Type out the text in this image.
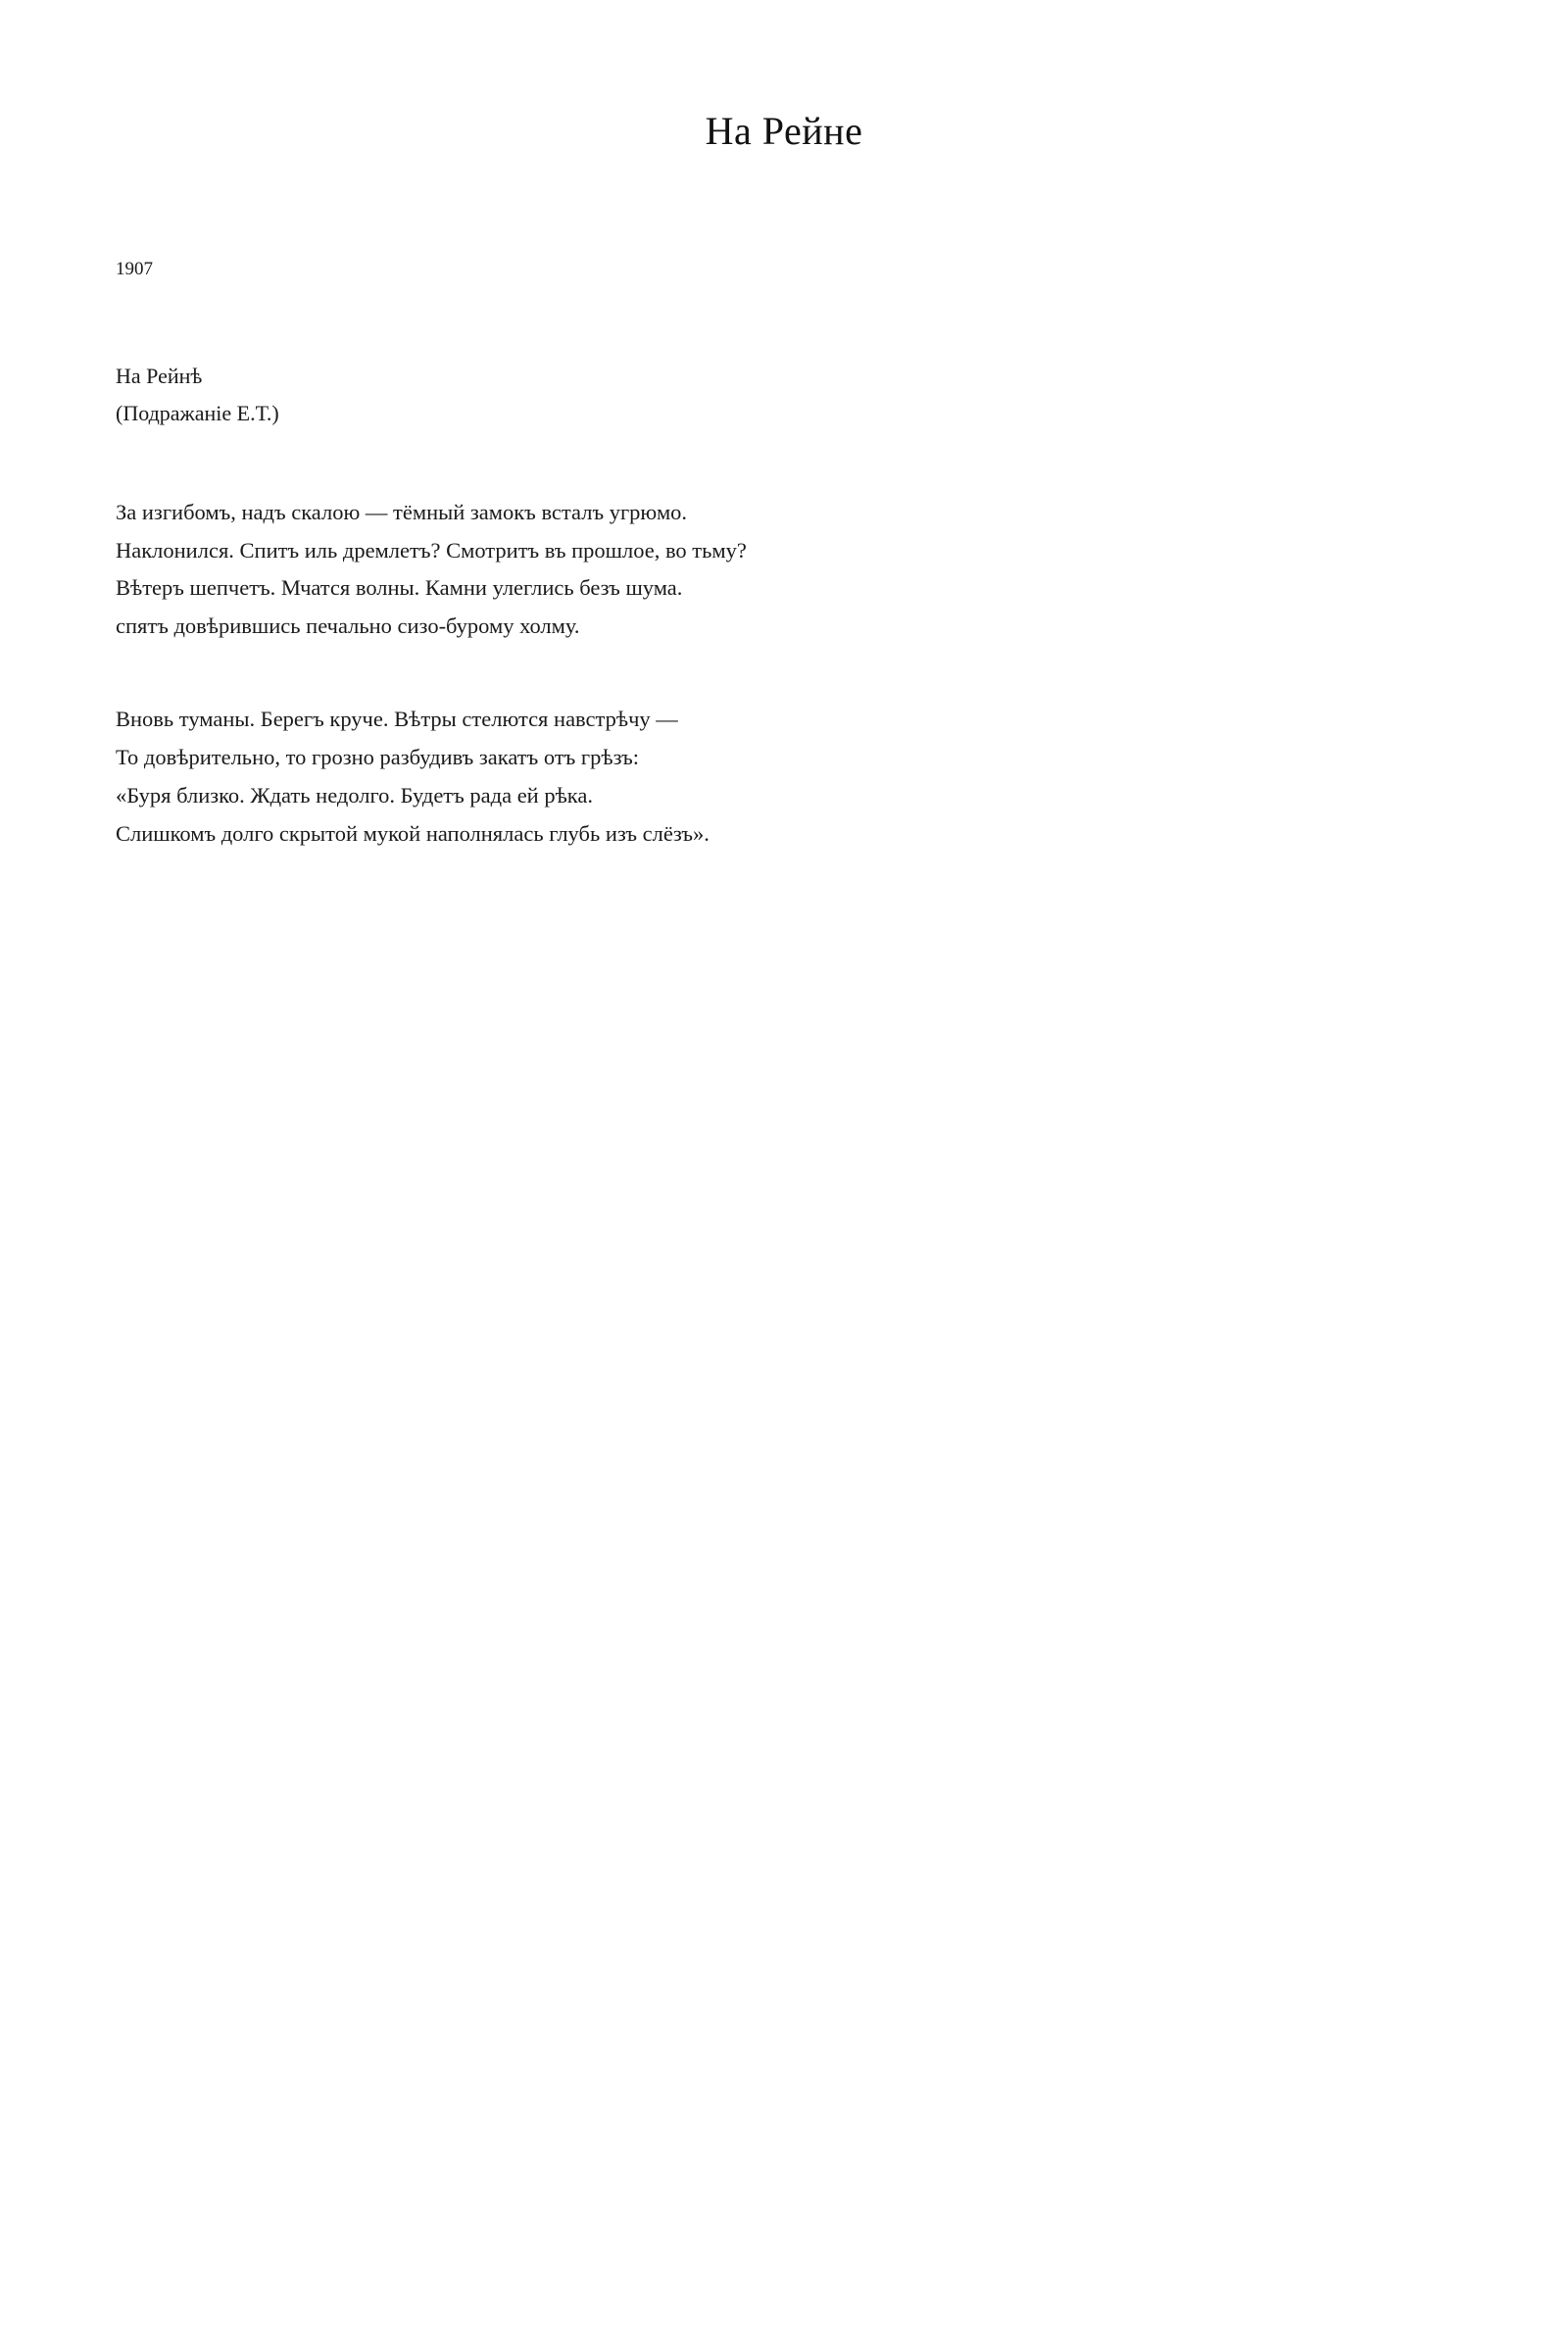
На Рейне
1907
На Рейнѣ
(Подражаніе Е.Т.)
За изгибомъ, надъ скалою — тёмный замокъ всталъ угрюмо.
Наклонился. Спитъ иль дремлетъ? Смотритъ въ прошлое, во тьму?
Вѣтеръ шепчетъ. Мчатся волны. Камни улеглись безъ шума.
спятъ довѣрившись печально сизо-бурому холму.
Вновь туманы. Берегъ круче. Вѣтры стелются навстрѣчу —
То довѣрительно, то грозно разбудивъ закатъ отъ грѣзъ:
«Буря близко. Ждать недолго. Будетъ рада ей рѣка.
Слишкомъ долго скрытой мукой наполнялась глубь изъ слёзъ».
